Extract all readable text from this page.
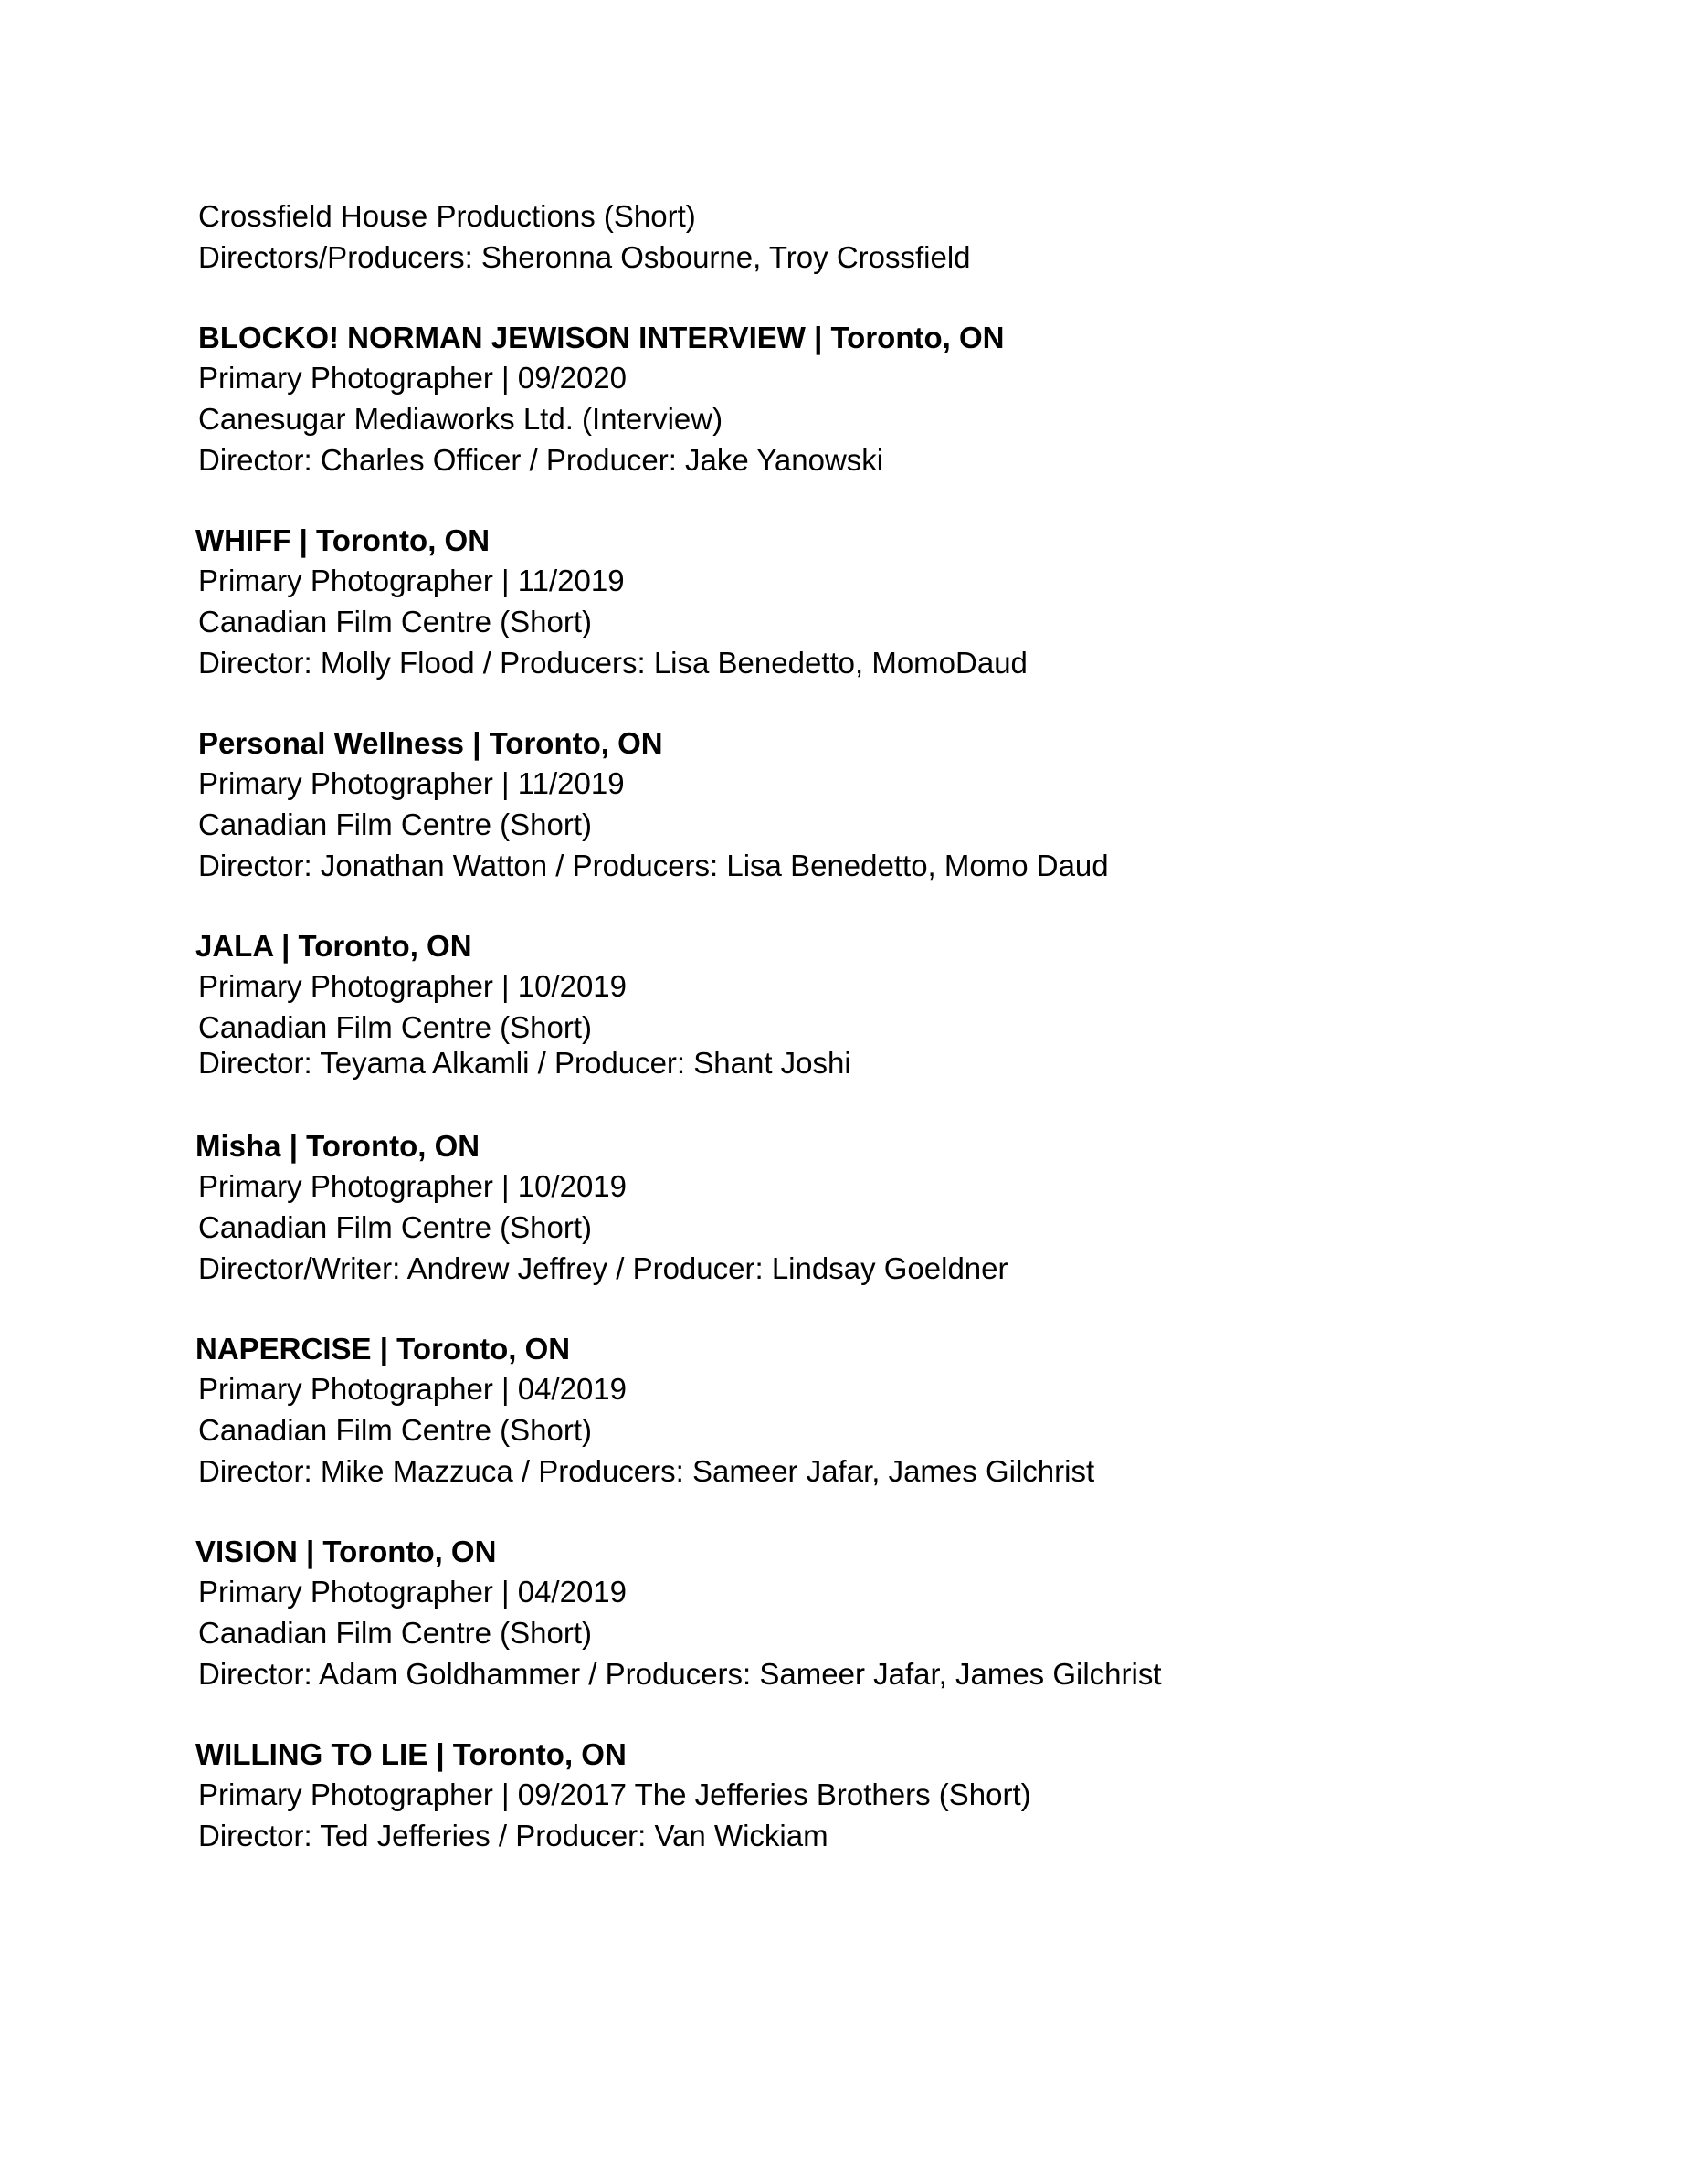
Crossfield House Productions (Short)

Directors/Producers: Sheronna Osbourne, Troy Crossfield

BLOCKO! NORMAN JEWISON INTERVIEW | Toronto, ON

Primary Photographer | 09/2020

Canesugar Mediaworks Ltd. (Interview)

Director: Charles Officer / Producer: Jake Yanowski

WHIFF | Toronto, ON

Primary Photographer | 11/2019

Canadian Film Centre (Short)

Director: Molly Flood / Producers: Lisa Benedetto, MomoDaud

Personal Wellness | Toronto, ON

Primary Photographer | 11/2019

Canadian Film Centre (Short)

Director: Jonathan Watton / Producers: Lisa Benedetto, Momo Daud

JALA | Toronto, ON

Primary Photographer | 10/2019

Canadian Film Centre (Short)

Director: Teyama Alkamli / Producer: Shant Joshi

Misha | Toronto, ON

Primary Photographer | 10/2019

Canadian Film Centre (Short)

Director/Writer: Andrew Jeffrey / Producer: Lindsay Goeldner

NAPERCISE | Toronto, ON

Primary Photographer | 04/2019

Canadian Film Centre (Short)

Director: Mike Mazzuca / Producers: Sameer Jafar, James Gilchrist

VISION | Toronto, ON

Primary Photographer | 04/2019

Canadian Film Centre (Short)

Director: Adam Goldhammer / Producers: Sameer Jafar, James Gilchrist

WILLING TO LIE | Toronto, ON

Primary Photographer | 09/2017 The Jefferies Brothers (Short)

Director: Ted Jefferies / Producer: Van Wickiam
